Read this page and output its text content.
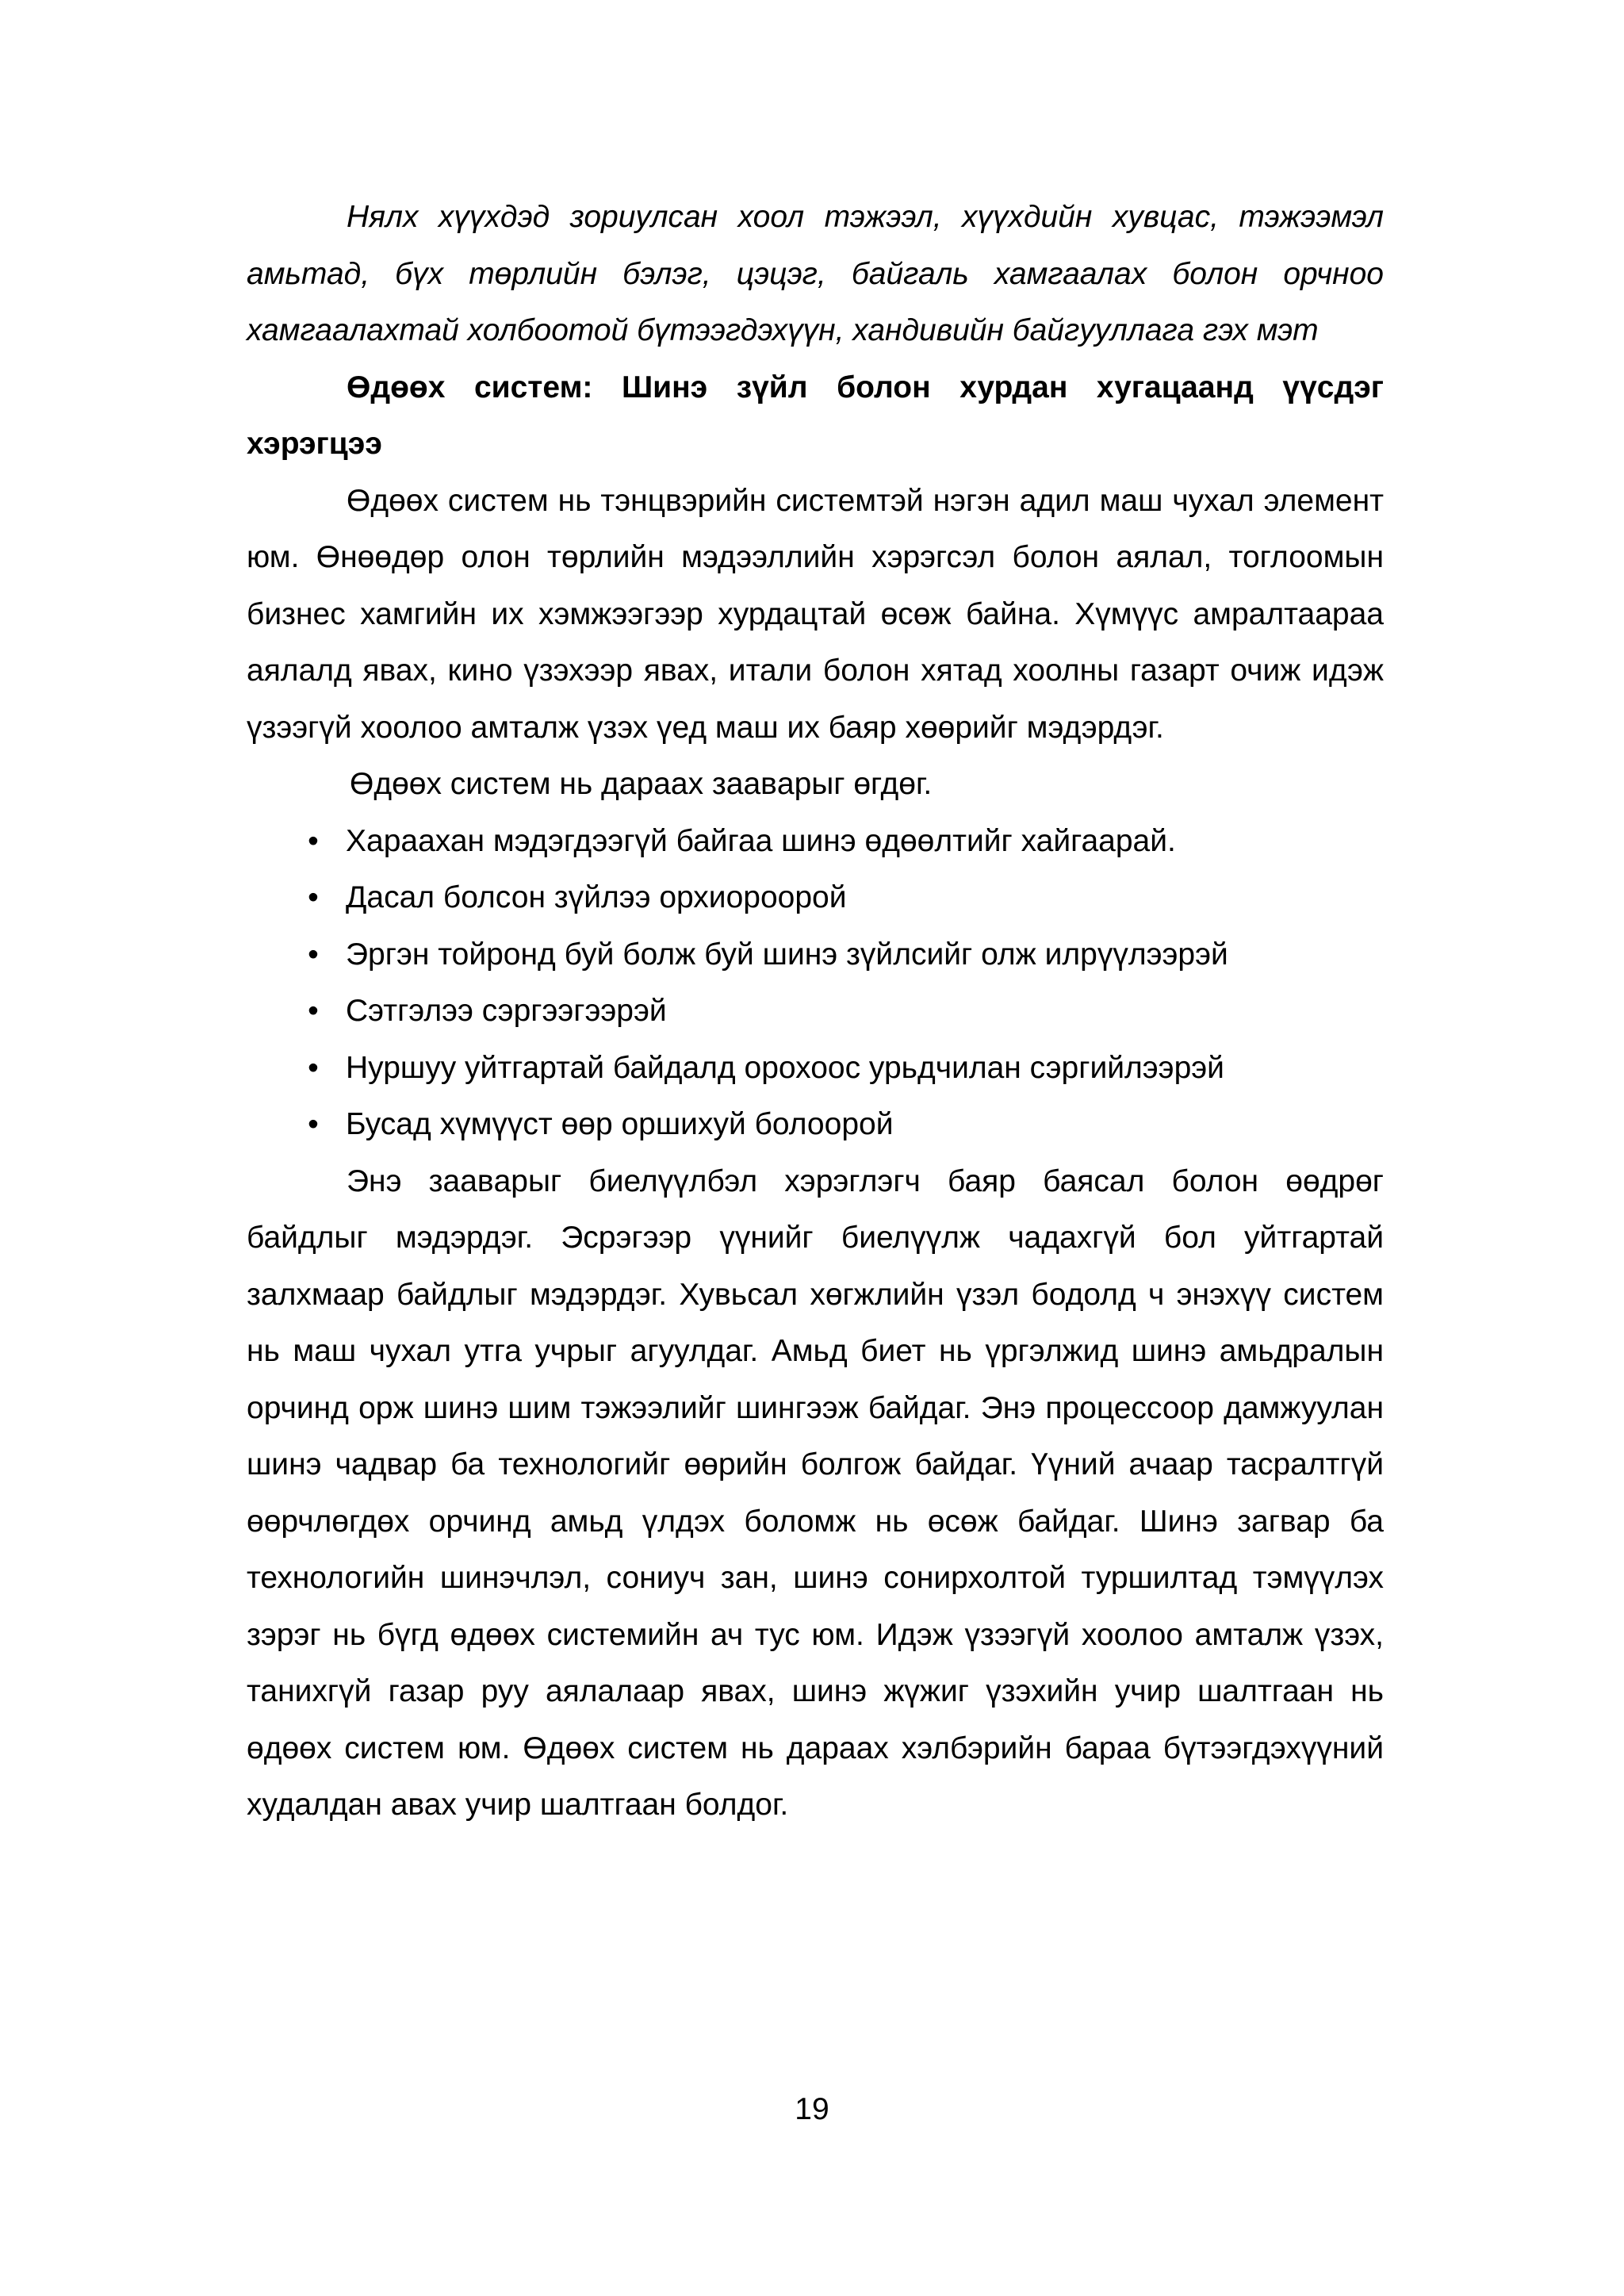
Нялх хүүхдэд зориулсан хоол тэжээл, хүүхдийн хувцас, тэжээмэл амьтад, бүх төрлийн бэлэг, цэцэг, байгаль хамгаалах болон орчноо хамгаалахтай холбоотой бүтээгдэхүүн, хандивийн байгууллага гэх мэт

Өдөөх систем: Шинэ зүйл болон хурдан хугацаанд үүсдэг хэрэгцээ

Өдөөх систем нь тэнцвэрийн системтэй нэгэн адил маш чухал элемент юм. Өнөөдөр олон төрлийн мэдээллийн хэрэгсэл болон аялал, тоглоомын бизнес хамгийн их хэмжээгээр хурдацтай өсөж байна. Хүмүүс амралтаараа аялалд явах, кино үзэхээр явах, итали болон хятад хоолны газарт очиж идэж үзээгүй хоолоо амталж үзэх үед маш их баяр хөөрийг мэдэрдэг.

Өдөөх систем нь дараах заавaрыг өгдөг.

• Хараахан мэдэгдээгүй байгаа шинэ өдөөлтийг хайгаарай.
• Дасал болсон зүйлээ орхиороорой
• Эргэн тойронд буй болж буй шинэ зүйлсийг олж илрүүлээрэй
• Сэтгэлээ сэргээгээрэй
• Нуршуу уйтгартай байдалд орохоос урьдчилан сэргийлээрэй
• Бусад хүмүүст өөр оршихуй болоорой

Энэ заавaрыг биелүүлбэл хэрэглэгч баяр баясал болон өөдрөг байдлыг мэдэрдэг. Эсрэгээр үүнийг биелүүлж чадахгүй бол уйтгартай залхмаар байдлыг мэдэрдэг. Хувьсал хөгжлийн үзэл бодолд ч энэхүү систем нь маш чухал утга учрыг агуулдаг. Амьд биет нь үргэлжид шинэ амьдралын орчинд орж шинэ шим тэжээлийг шингээж байдаг. Энэ процессоор дамжуулан шинэ чадвар ба технологийг өөрийн болгож байдаг. Үүний ачаар тасралтгүй өөрчлөгдөх орчинд амьд үлдэх боломж нь өсөж байдаг. Шинэ загвар ба технологийн шинэчлэл, сониуч зан, шинэ сонирхолтой туршилтад тэмүүлэх зэрэг нь бүгд өдөөх системийн ач тус юм. Идэж үзээгүй хоолоо амталж үзэх, танихгүй газар руу аялалаар явах, шинэ жүжиг үзэхийн учир шалтгаан нь өдөөх систем юм. Өдөөх систем нь дараах хэлбэрийн бараа бүтээгдэхүүний худалдан авах учир шалтгаан болдог.

19
